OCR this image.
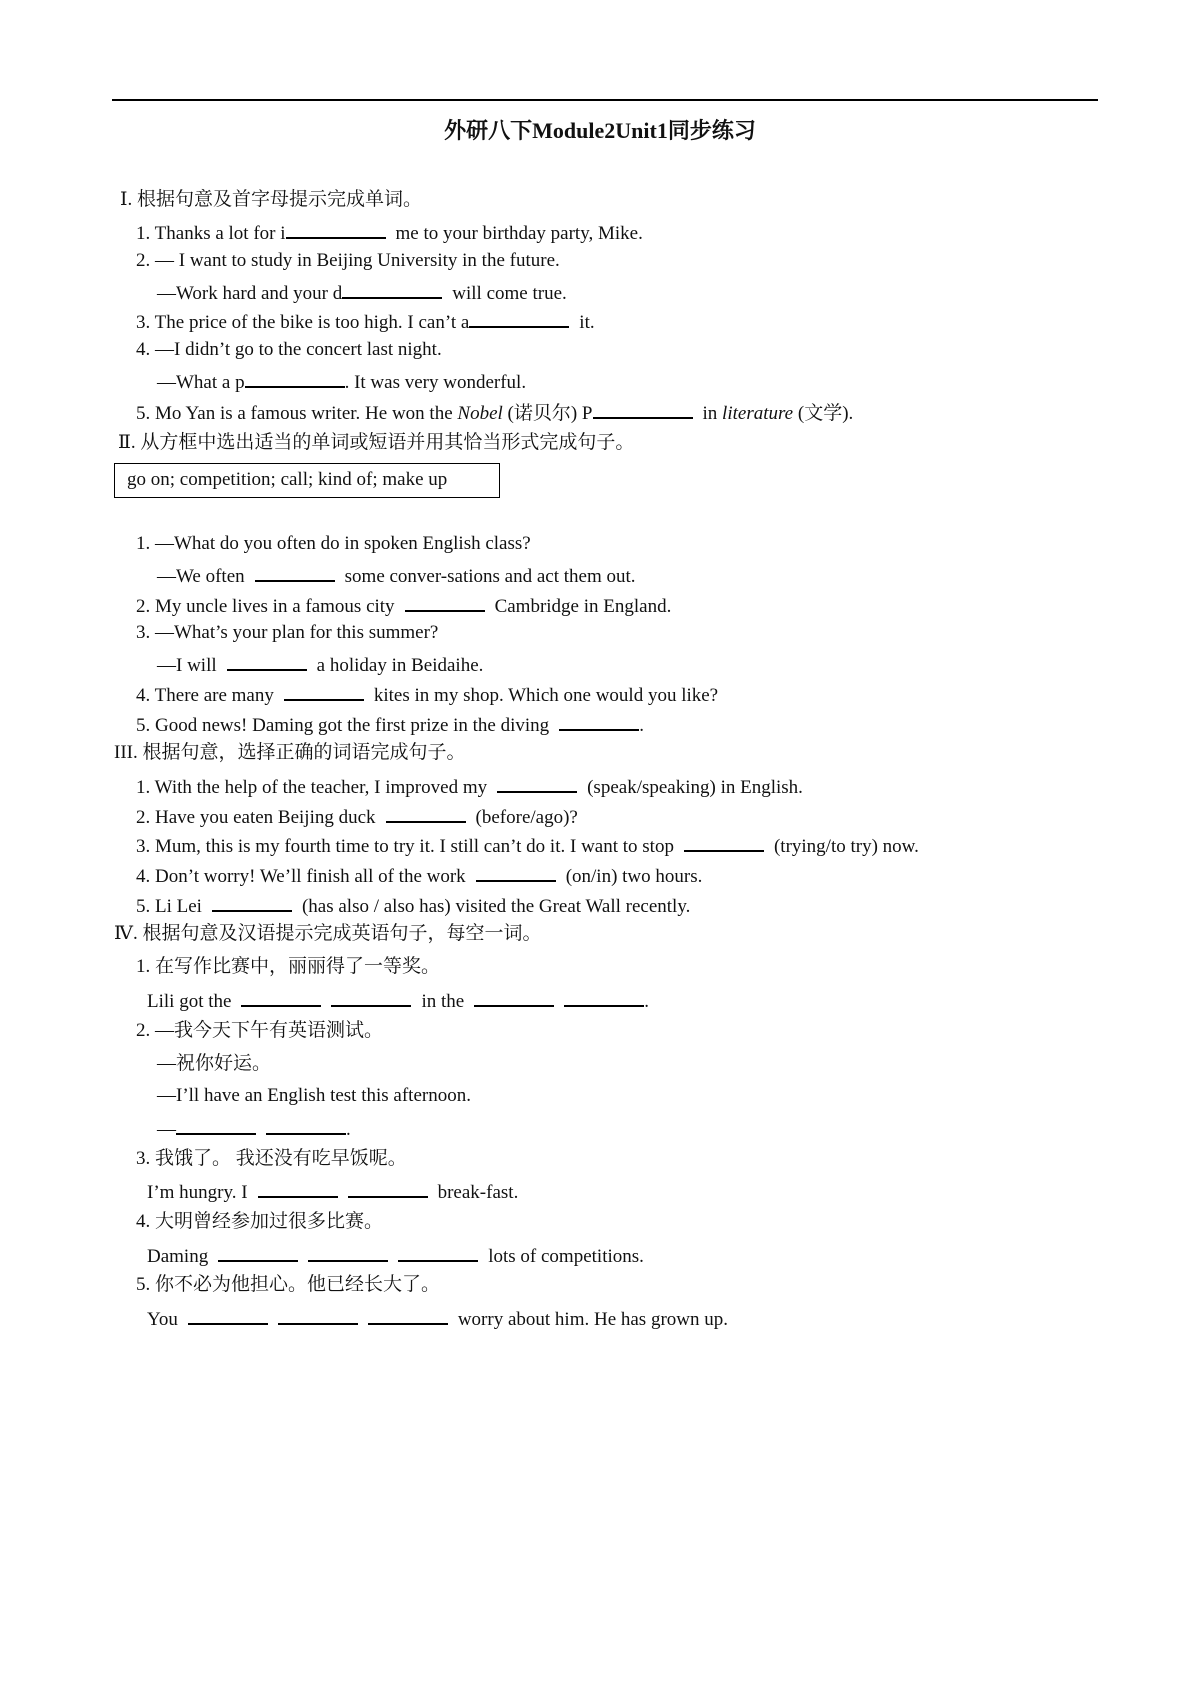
外研八下Module2Unit1同步练习
Ⅰ. 根据句意及首字母提示完成单词。
1. Thanks a lot for i	me to your birthday party, Mike.
2. — I want to study in Beijing University in the future.
—Work hard and your d	will come true.
3. The price of the bike is too high. I can’t a	it.
4. —I didn’t go to the concert last night.
—What a p	. It was very wonderful.
5. Mo Yan is a famous writer. He won the Nobel (诺贝尔) P	in literature (文学).
Ⅱ. 从方框中选出适当的单词或短语并用其恰当形式完成句子。
go on; competition; call; kind of; make up
1. —What do you often do in spoken English class?
—We often	some conver-sations and act them out.
2. My uncle lives in a famous city	Cambridge in England.
3. —What’s your plan for this summer?
—I will	a holiday in Beidaihe.
4. There are many	kites in my shop. Which one would you like?
5. Good news! Daming got the first prize in the diving	.
III. 根据句意，选择正确的词语完成句子。
1. With the help of the teacher, I improved my	(speak/speaking) in English.
2. Have you eaten Beijing duck	(before/ago)?
3. Mum, this is my fourth time to try it. I still can’t do it. I want to stop	(trying/to try) now.
4. Don’t worry! We’ll finish all of the work	(on/in) two hours.
5. Li Lei	(has also / also has) visited the Great Wall recently.
Ⅳ. 根据句意及汉语提示完成英语句子，每空一词。
1. 在写作比赛中，丽丽得了一等奖。
Lili got the	in the	.
2. —我今天下午有英语测试。
—祝你好运。
—I’ll have an English test this afternoon.
—	.
3. 我饿了。 我还没有吃早饭呢。
I’m hungry. I	break-fast.
4. 大明曾经参加过很多比赛。
Daming	lots of competitions.
5. 你不必为他担心。他已经长大了。
You	worry about him. He has grown up.
